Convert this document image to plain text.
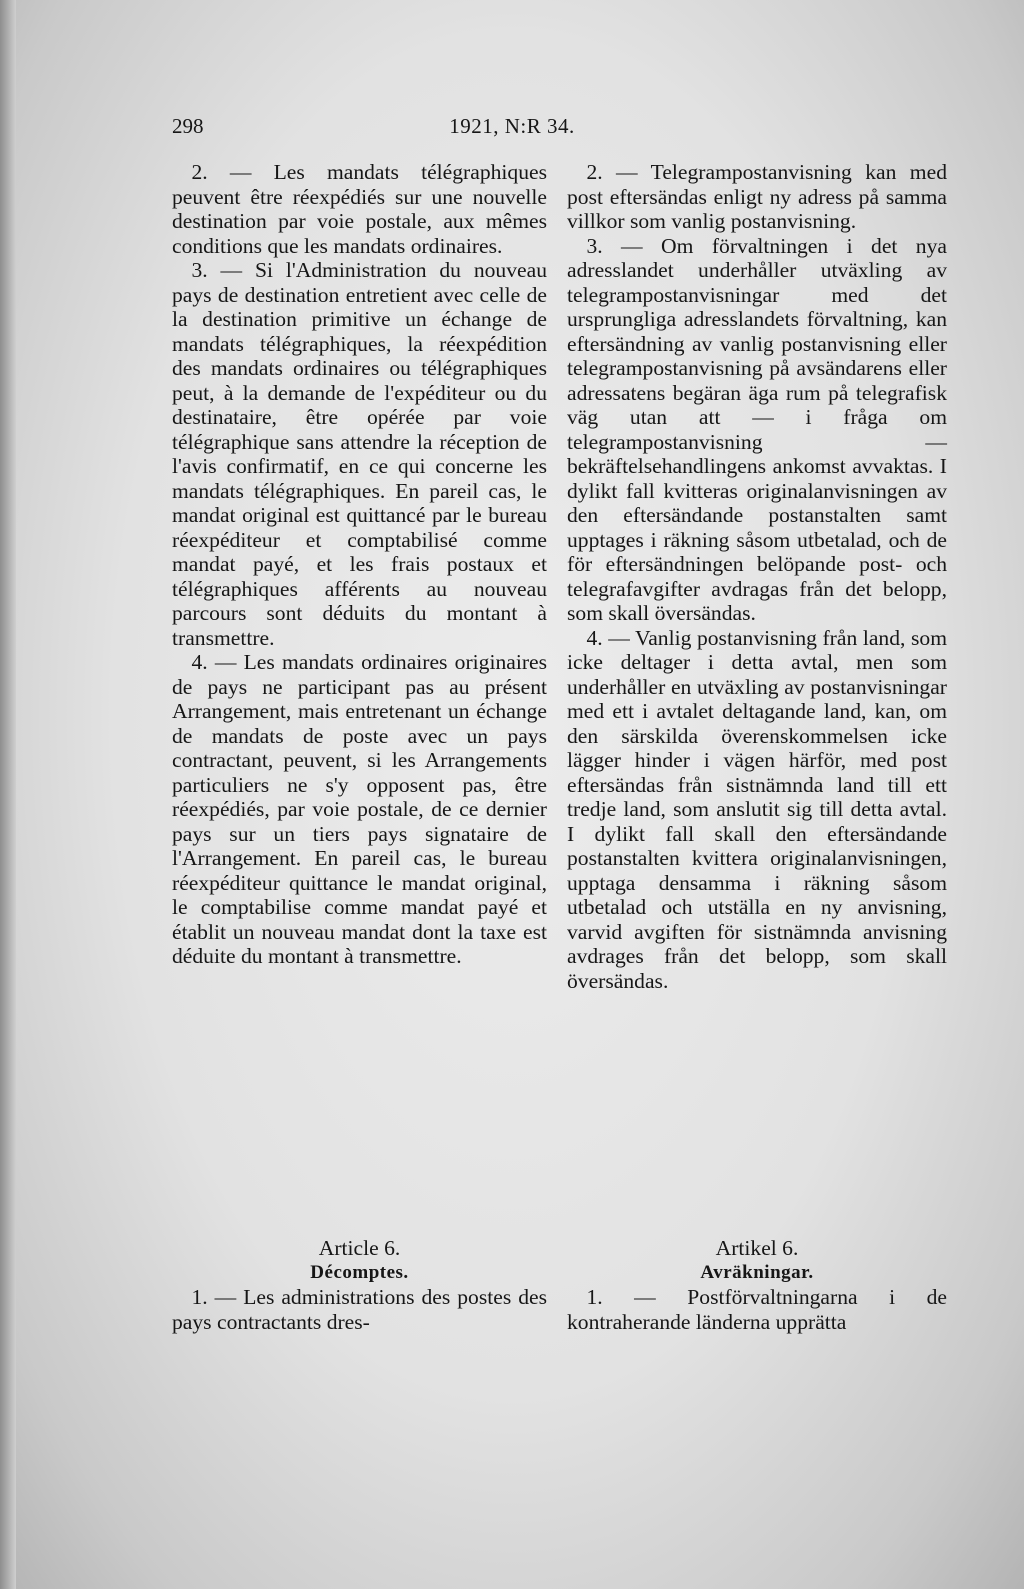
1921, N:R 34.
298

2. — Les mandats télégraphiques peuvent être réexpédiés sur une nouvelle destination par voie postale, aux mêmes conditions que les mandats ordinaires.

3. — Si l'Administration du nouveau pays de destination entretient avec celle de la destination primitive un échange de mandats télégraphiques, la réexpédition des mandats ordinaires ou télégraphiques peut, à la demande de l'expéditeur ou du destinataire, être opérée par voie télégraphique sans attendre la réception de l'avis confirmatif, en ce qui concerne les mandats télégraphiques. En pareil cas, le mandat original est quittancé par le bureau réexpéditeur et comptabilisé comme mandat payé, et les frais postaux et télégraphiques afférents au nouveau parcours sont déduits du montant à transmettre.

4. — Les mandats ordinaires originaires de pays ne participant pas au présent Arrangement, mais entretenant un échange de mandats de poste avec un pays contractant, peuvent, si les Arrangements particuliers ne s'y opposent pas, être réexpédiés, par voie postale, de ce dernier pays sur un tiers pays signataire de l'Arrangement. En pareil cas, le bureau réexpéditeur quittance le mandat original, le comptabilise comme mandat payé et établit un nouveau mandat dont la taxe est déduite du montant à transmettre.

2. — Telegrampostanvisning kan med post eftersändas enligt ny adress på samma villkor som vanlig postanvisning.

3. — Om förvaltningen i det nya adresslandet underhåller utväxling av telegrampostanvisningar med det ursprungliga adresslandets förvaltning, kan eftersändning av vanlig postanvisning eller telegrampostanvisning på avsändarens eller adressatens begäran äga rum på telegrafisk väg utan att — i fråga om telegrampostanvisning — bekräftelsehandlingens ankomst avvaktas. I dylikt fall kvitteras originalanvisningen av den eftersändande postanstalten samt upptages i räkning såsom utbetalad, och de för eftersändningen belöpande post- och telegrafavgifter avdragas från det belopp, som skall översändas.

4. — Vanlig postanvisning från land, som icke deltager i detta avtal, men som underhåller en utväxling av postanvisningar med ett i avtalet deltagande land, kan, om den särskilda överenskommelsen icke lägger hinder i vägen härför, med post eftersändas från sistnämnda land till ett tredje land, som anslutit sig till detta avtal. I dylikt fall skall den eftersändande postanstalten kvittera originalanvisningen, upptaga densamma i räkning såsom utbetalad och utställa en ny anvisning, varvid avgiften för sistnämnda anvisning avdrages från det belopp, som skall översändas.

Article 6.

Décomptes.

1. — Les administrations des postes des pays contractants dres-

Artikel 6.

Avräkningar.

1. — Postförvaltningarna i de kontraherande länderna upprätta
